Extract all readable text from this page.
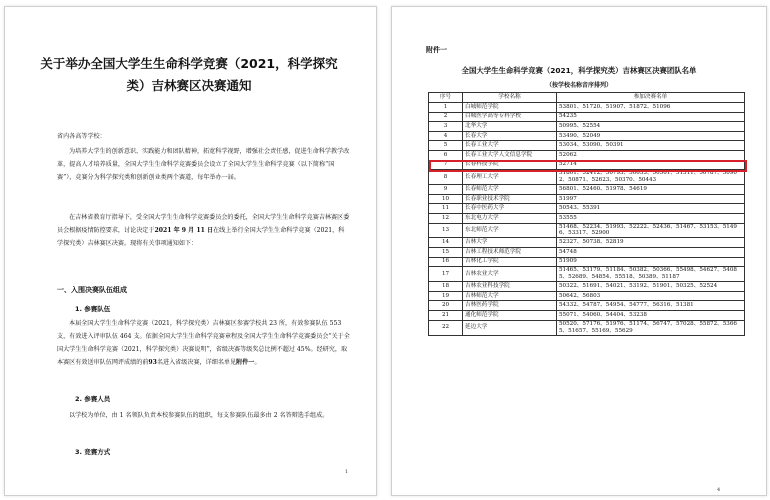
关于举办全国大学生生命科学竞赛（2021，科学探究类）吉林赛区决赛通知

省内各高等学校：

为培养大学生的创新意识、实践能力和团队精神，拓宽科学视野，增强社会责任感，促进生命科学教学改革，提高人才培养质量，全国大学生生命科学竞赛委员会设立了全国大学生生命科学竞赛（以下简称“国赛”），竞赛分为科学探究类和创新创业类两个赛道，每年举办一届。

在吉林省教育厅指导下，受全国大学生生命科学竞赛委员会的委托，全国大学生生命科学竞赛吉林赛区委员会根据疫情防控要求，讨论决定于2021 年 9 月 11 日在线上举行全国大学生生命科学竞赛（2021，科学探究类）吉林赛区决赛。现将有关事项通知如下：

一、入围决赛队伍组成
1. 参赛队伍

本届全国大学生生命科学竞赛（2021，科学探究类）吉林赛区参赛学校共 23 所，有效参赛队伍 553 支，有效进入评审队伍 464 支。依据全国大学生生命科学竞赛章程及全国大学生生命科学竞赛委员会“关于全国大学生生命科学竞赛（2021，科学探究类）决赛说明”，省级决赛等级奖总比例不超过 45%。经研究，取本赛区有效送审队伍网评成绩的前93名进入省级决赛，详细名单见附件一。

2. 参赛人员

以学校为单位，由 1 名领队负责本校参赛队伍的组织，每支参赛队伍最多由 2 名答辩选手组成。

3. 竞赛方式
1
附件一
全国大学生生命科学竞赛（2021，科学探究类）吉林赛区决赛团队名单
（按学校名称音序排列）
序号	学校名称	参加决赛名单
1	白城师范学院	53801、51720、51907、51872、51096
2	白城医学高等专科学校	54235
3	北华大学	50995、52554
4	长春大学	53490、52049
5	长春工业大学	53034、53090、50391
6	长春工业大学人文信息学院	52062
7	长春科技学院	52714
8	长春理工大学	51801、52412、50793、50053、50501、51511、50787、50902、50871、52623、50370、50443
9	长春师范大学	56801、52460、51978、54619
10	长春职业技术学院	51997
11	长春中医药大学	50543、55391
12	东北电力大学	53555
13	东北师范大学	51468、52234、51993、52222、52436、51467、53153、51496、53317、52900
14	吉林大学	52327、50738、52819
15	吉林工程技术师范学院	54748
16	吉林化工学院	51909
17	吉林农业大学	51465、53179、51184、50382、50366、55498、54627、54085、52689、54854、55518、50389、51187
18	吉林农业科技学院	50322、51691、54021、53192、51901、50325、52524
19	吉林师范大学	50642、56803
20	吉林医药学院	54332、54787、54954、54777、56316、51381
21	通化师范学院	55071、54060、54404、53238
22	延边大学	50520、57176、51976、51174、56747、57028、55872、53665、51657、55169、55629
4
